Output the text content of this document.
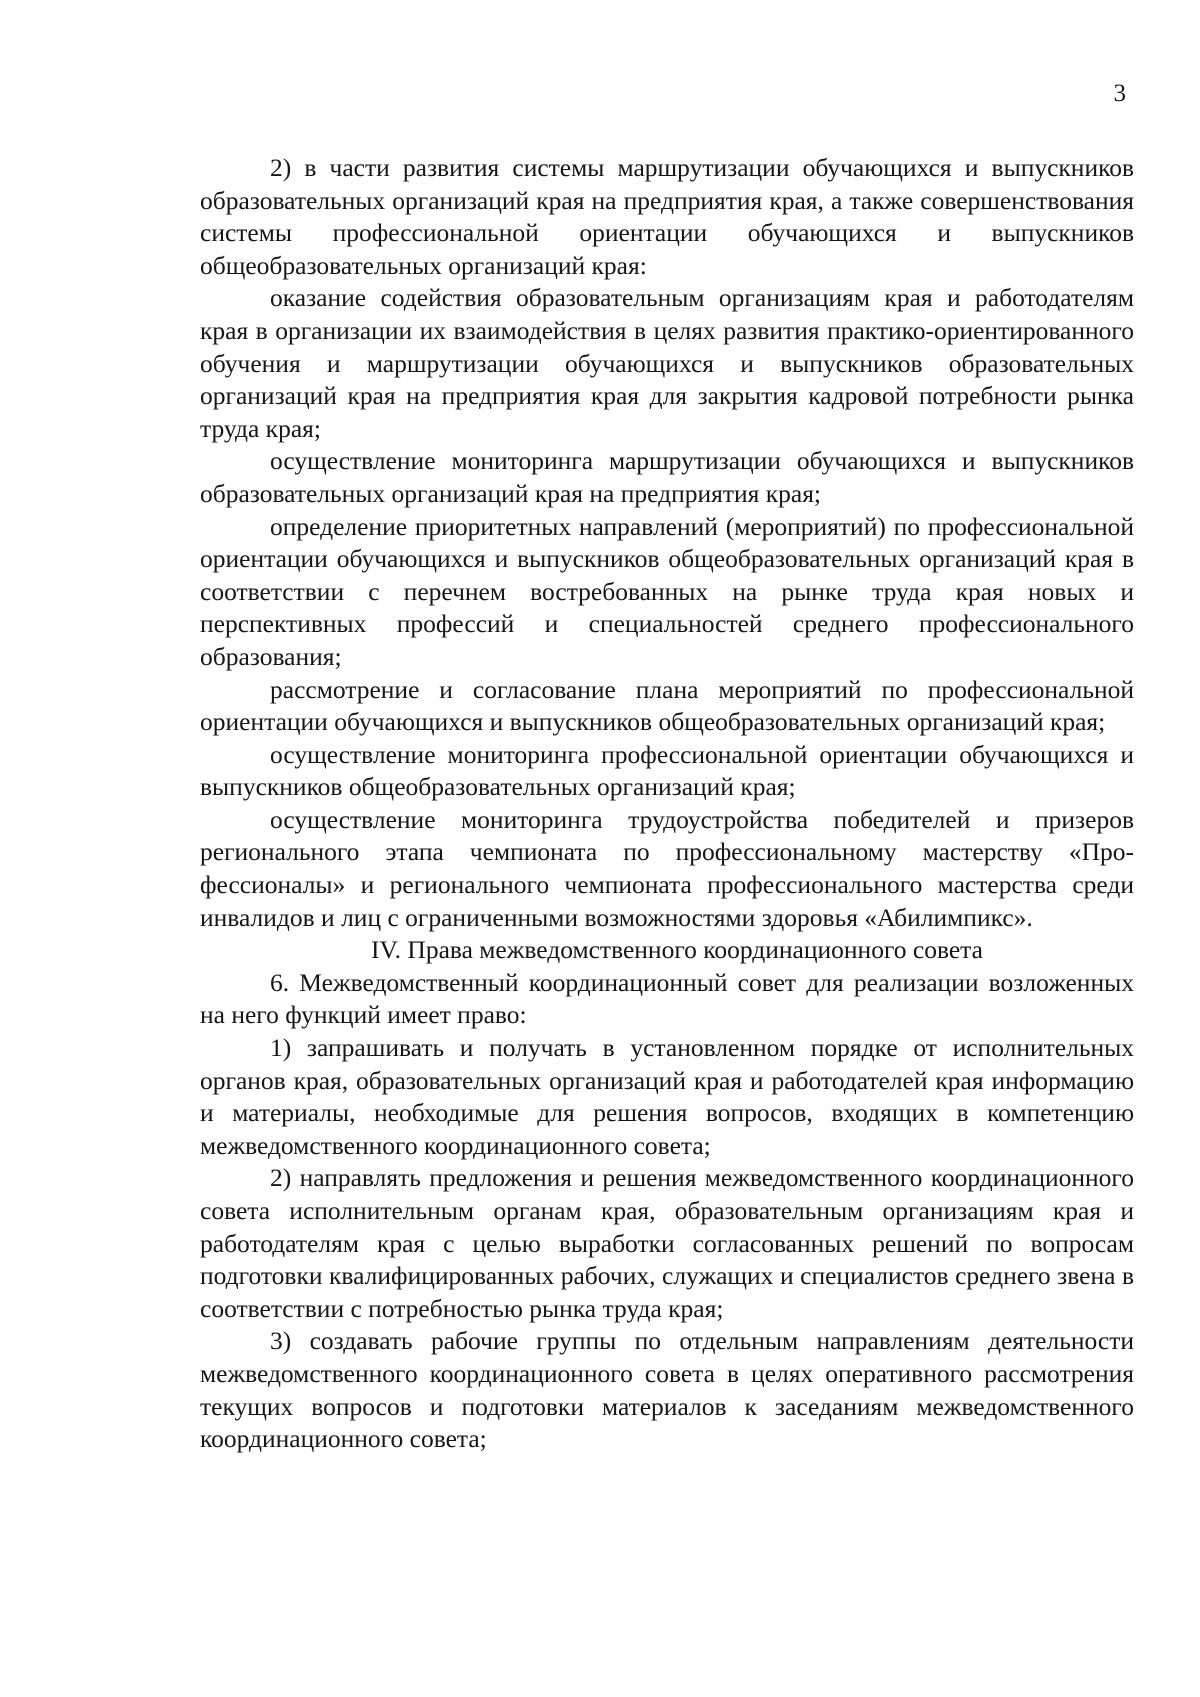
3

2) в части развития системы маршрутизации обучающихся и выпускников образовательных организаций края на предприятия края, а также совершенствования системы профессиональной ориентации обучающихся и выпускников общеобразовательных организаций края:

оказание содействия образовательным организациям края и работодателям края в организации их взаимодействия в целях развития практико-ориентированного обучения и маршрутизации обучающихся и выпускников образовательных организаций края на предприятия края для закрытия кадровой потребности рынка труда края;

осуществление мониторинга маршрутизации обучающихся и выпускников образовательных организаций края на предприятия края;

определение приоритетных направлений (мероприятий) по профессиональной ориентации обучающихся и выпускников общеобразовательных организаций края в соответствии с перечнем востребованных на рынке труда края новых и перспективных профессий и специальностей среднего профессионального образования;

рассмотрение и согласование плана мероприятий по профессиональной ориентации обучающихся и выпускников общеобразовательных организаций края;

осуществление мониторинга профессиональной ориентации обучающихся и выпускников общеобразовательных организаций края;

осуществление мониторинга трудоустройства победителей и призеров регионального этапа чемпионата по профессиональному мастерству «Профессионалы» и регионального чемпионата профессионального мастерства среди инвалидов и лиц с ограниченными возможностями здоровья «Абилимпикс».

IV. Права межведомственного координационного совета

6. Межведомственный координационный совет для реализации возложенных на него функций имеет право:

1) запрашивать и получать в установленном порядке от исполнительных органов края, образовательных организаций края и работодателей края информацию и материалы, необходимые для решения вопросов, входящих в компетенцию межведомственного координационного совета;

2) направлять предложения и решения межведомственного координационного совета исполнительным органам края, образовательным организациям края и работодателям края с целью выработки согласованных решений по вопросам подготовки квалифицированных рабочих, служащих и специалистов среднего звена в соответствии с потребностью рынка труда края;

3) создавать рабочие группы по отдельным направлениям деятельности межведомственного координационного совета в целях оперативного рассмотрения текущих вопросов и подготовки материалов к заседаниям межведомственного координационного совета;
